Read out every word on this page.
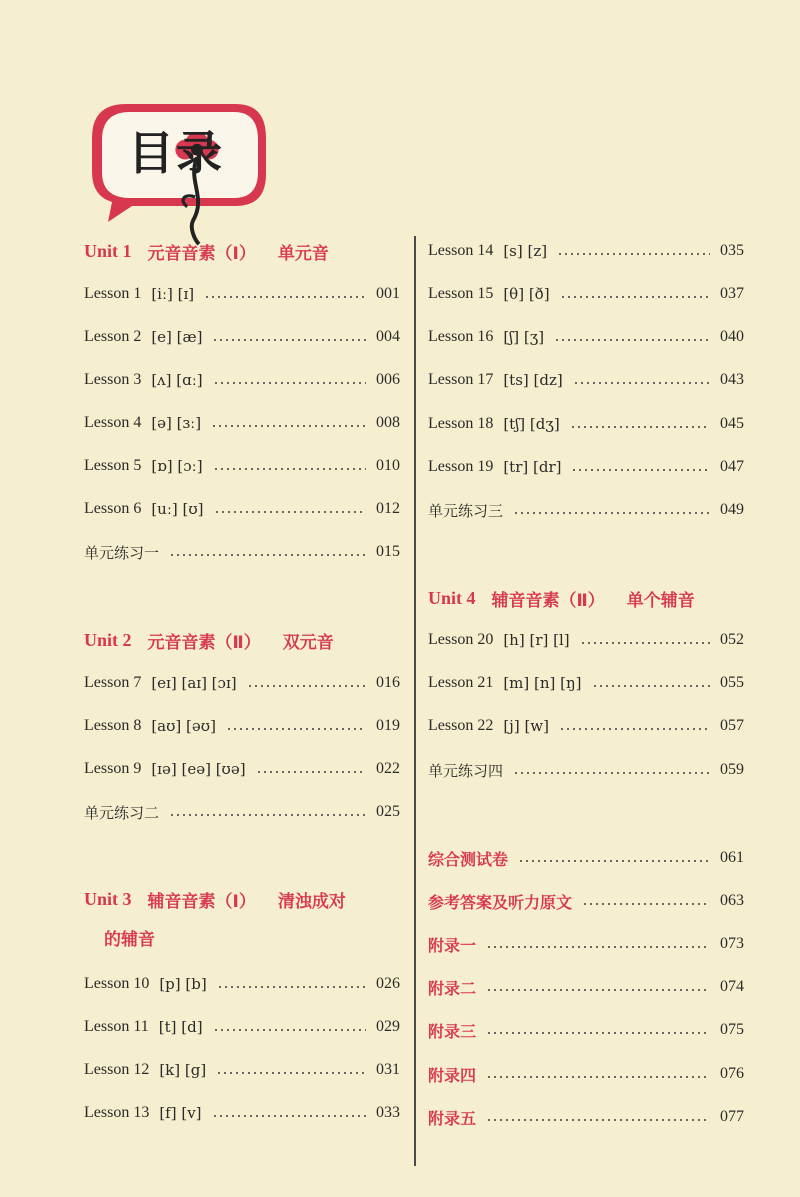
目录
Unit 1 元音音素（Ⅰ） 单元音
Lesson 1 [iː] [ɪ]	001
Lesson 2 [e] [æ]	004
Lesson 3 [ʌ] [ɑː]	006
Lesson 4 [ə] [ɜː]	008
Lesson 5 [ɒ] [ɔː]	010
Lesson 6 [uː] [ʊ]	012
单元练习一	015
Unit 2 元音音素（Ⅱ） 双元音
Lesson 7 [eɪ] [aɪ] [ɔɪ]	016
Lesson 8 [aʊ] [əʊ]	019
Lesson 9 [ɪə] [eə] [ʊə]	022
单元练习二	025
Unit 3 辅音音素（Ⅰ） 清浊成对
的辅音
Lesson 10 [p] [b]	026
Lesson 11 [t] [d]	029
Lesson 12 [k] [g]	031
Lesson 13 [f] [v]	033
Lesson 14 [s] [z]	035
Lesson 15 [θ] [ð]	037
Lesson 16 [ʃ] [ʒ]	040
Lesson 17 [ts] [dz]	043
Lesson 18 [tʃ] [dʒ]	045
Lesson 19 [tr] [dr]	047
单元练习三	049
Unit 4 辅音音素（Ⅱ） 单个辅音
Lesson 20 [h] [r] [l]	052
Lesson 21 [m] [n] [ŋ]	055
Lesson 22 [j] [w]	057
单元练习四	059
综合测试卷	061
参考答案及听力原文	063
附录一	073
附录二	074
附录三	075
附录四	076
附录五	077
